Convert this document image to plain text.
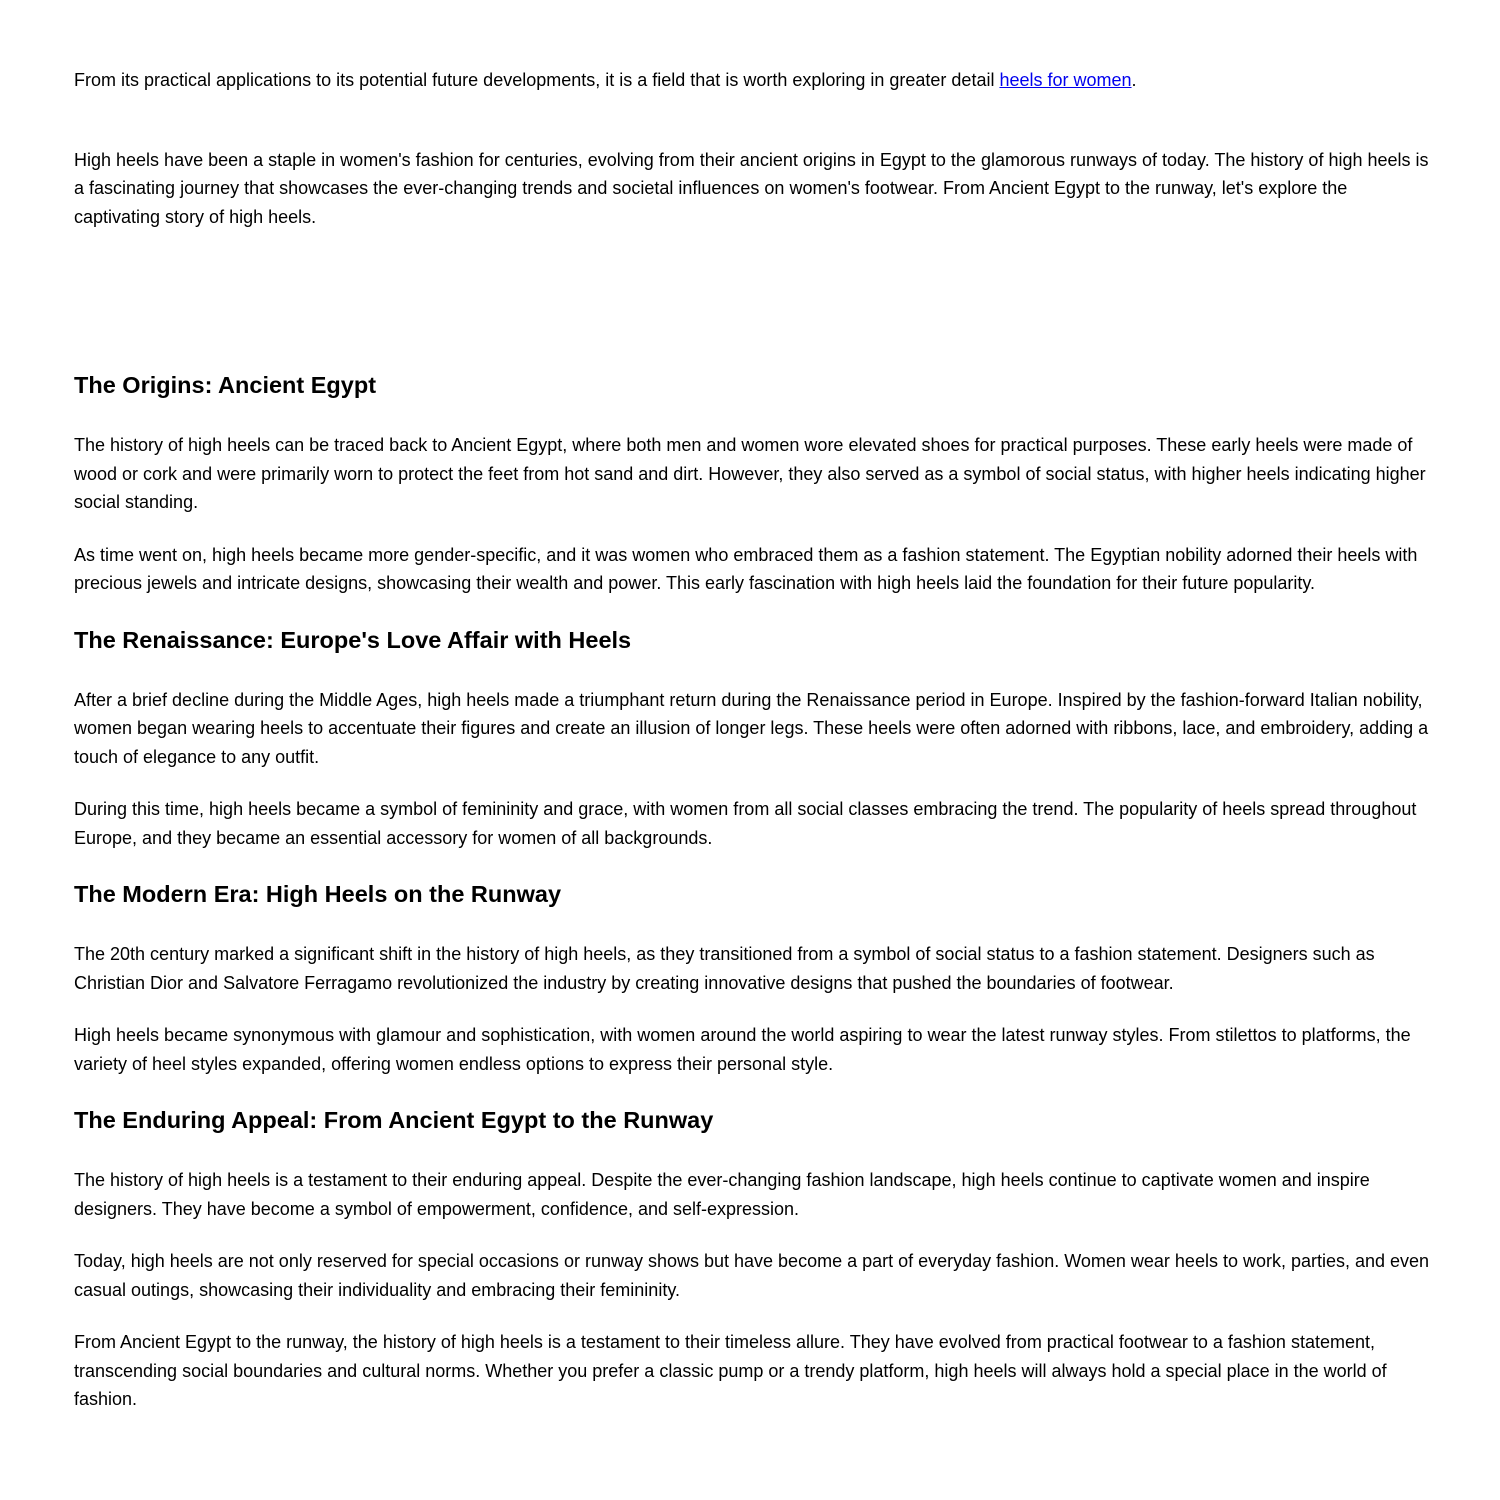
From its practical applications to its potential future developments, it is a field that is worth exploring in greater detail heels for women.

High heels have been a staple in women's fashion for centuries, evolving from their ancient origins in Egypt to the glamorous runways of today. The history of high heels is a fascinating journey that showcases the ever-changing trends and societal influences on women's footwear. From Ancient Egypt to the runway, let's explore the captivating story of high heels.

The Origins: Ancient Egypt

The history of high heels can be traced back to Ancient Egypt, where both men and women wore elevated shoes for practical purposes. These early heels were made of wood or cork and were primarily worn to protect the feet from hot sand and dirt. However, they also served as a symbol of social status, with higher heels indicating higher social standing.

As time went on, high heels became more gender-specific, and it was women who embraced them as a fashion statement. The Egyptian nobility adorned their heels with precious jewels and intricate designs, showcasing their wealth and power. This early fascination with high heels laid the foundation for their future popularity.

The Renaissance: Europe's Love Affair with Heels

After a brief decline during the Middle Ages, high heels made a triumphant return during the Renaissance period in Europe. Inspired by the fashion-forward Italian nobility, women began wearing heels to accentuate their figures and create an illusion of longer legs. These heels were often adorned with ribbons, lace, and embroidery, adding a touch of elegance to any outfit.

During this time, high heels became a symbol of femininity and grace, with women from all social classes embracing the trend. The popularity of heels spread throughout Europe, and they became an essential accessory for women of all backgrounds.

The Modern Era: High Heels on the Runway

The 20th century marked a significant shift in the history of high heels, as they transitioned from a symbol of social status to a fashion statement. Designers such as Christian Dior and Salvatore Ferragamo revolutionized the industry by creating innovative designs that pushed the boundaries of footwear.

High heels became synonymous with glamour and sophistication, with women around the world aspiring to wear the latest runway styles. From stilettos to platforms, the variety of heel styles expanded, offering women endless options to express their personal style.

The Enduring Appeal: From Ancient Egypt to the Runway

The history of high heels is a testament to their enduring appeal. Despite the ever-changing fashion landscape, high heels continue to captivate women and inspire designers. They have become a symbol of empowerment, confidence, and self-expression.

Today, high heels are not only reserved for special occasions or runway shows but have become a part of everyday fashion. Women wear heels to work, parties, and even casual outings, showcasing their individuality and embracing their femininity.

From Ancient Egypt to the runway, the history of high heels is a testament to their timeless allure. They have evolved from practical footwear to a fashion statement, transcending social boundaries and cultural norms. Whether you prefer a classic pump or a trendy platform, high heels will always hold a special place in the world of fashion.
